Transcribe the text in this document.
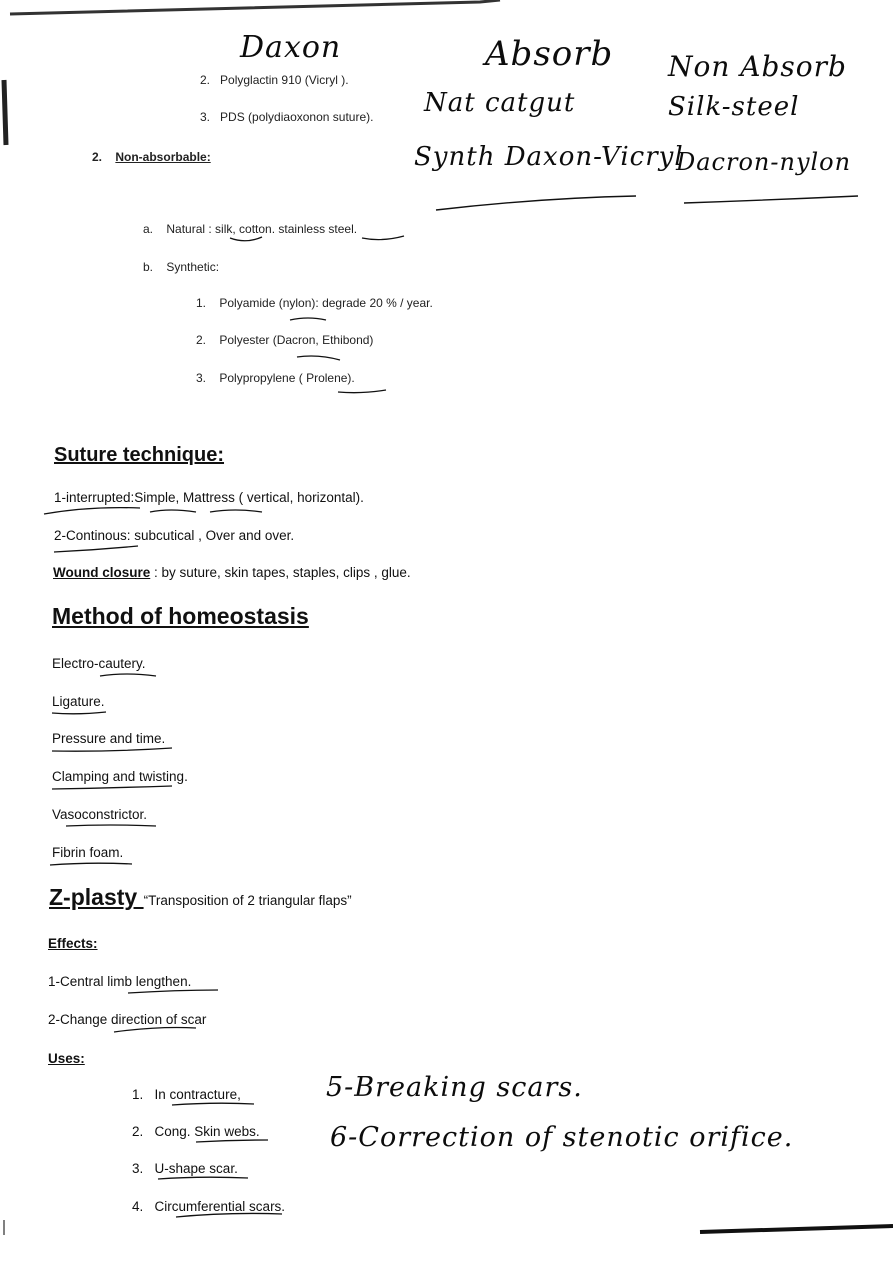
Daxon	Absorb Non Absorb
Nat catgut	Silk-steel
Synth Daxon-Vicryl
Dacron-nylon
2. Polyglactin 910 (Vicryl ).
3. PDS (polydiaoxonon suture).
2. Non-absorbable:
a. Natural : silk, cotton. stainless steel.
b. Synthetic:
1. Polyamide (nylon): degrade 20 % / year.
2. Polyester (Dacron, Ethibond)
3. Polypropylene ( Prolene).
Suture technique:
1-interrupted:Simple, Mattress ( vertical, horizontal).
2-Continous: subcutical , Over and over.
Wound closure : by suture, skin tapes, staples, clips , glue.
Method of homeostasis
Electro-cautery.
Ligature.
Pressure and time.
Clamping and twisting.
Vasoconstrictor.
Fibrin foam.
Z-plasty “Transposition of 2 triangular flaps”
Effects:
1-Central limb lengthen.
2-Change direction of scar
Uses:
1. In contracture,
2. Cong. Skin webs.
3. U-shape scar.
4. Circumferential scars.
5-Breaking scars.
6-Correction of stenotic orifice.
